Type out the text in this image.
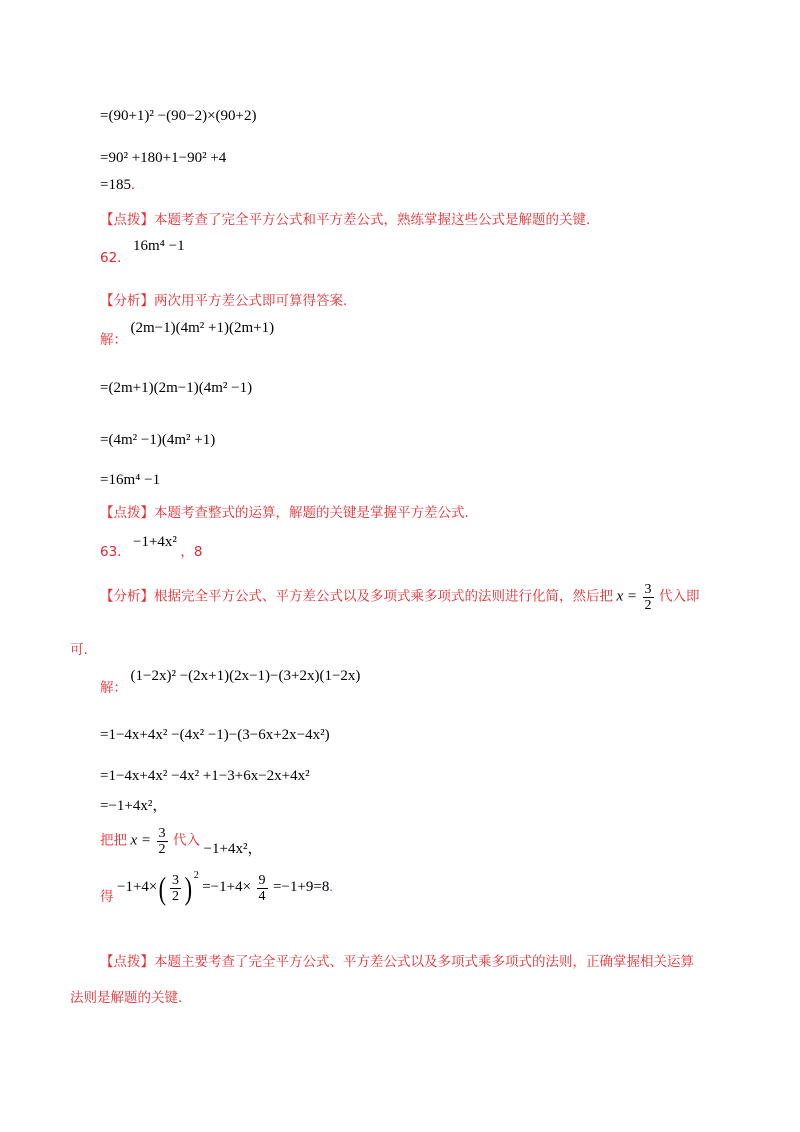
=(90+1)² −(90−2)×(90+2)
=90² +180+1−90² +4
=185.
【点拨】本题考查了完全平方公式和平方差公式，熟练掌握这些公式是解题的关键.
62. 16m⁴ −1
【分析】两次用平方差公式即可算得答案.
解： (2m−1)(4m² +1)(2m+1)
=(2m+1)(2m−1)(4m² −1)
=(4m² −1)(4m² +1)
=16m⁴ −1
【点拨】本题考查整式的运算，解题的关键是掌握平方差公式.
63. −1+4x² ，8
【分析】根据完全平方公式、平方差公式以及多项式乘多项式的法则进行化简，然后把 $x = \frac{3}{2}$ 代入即
可.
解： (1−2x)² −(2x+1)(2x−1)−(3+2x)(1−2x)
=1−4x+4x² −(4x² −1)−(3−6x+2x−4x²)
=1−4x+4x² −4x² +1−3+6x−2x+4x²
=−1+4x²，
把把 $x = \frac{3}{2}$ 代入 −1+4x²，
得 $-1+4\times( \frac{3}{2}$ ) $^2 =-1+4\times \frac{9}{4} =-1+9=8$.
【点拨】本题主要考查了完全平方公式、平方差公式以及多项式乘多项式的法则，正确掌握相关运算
法则是解题的关键.
